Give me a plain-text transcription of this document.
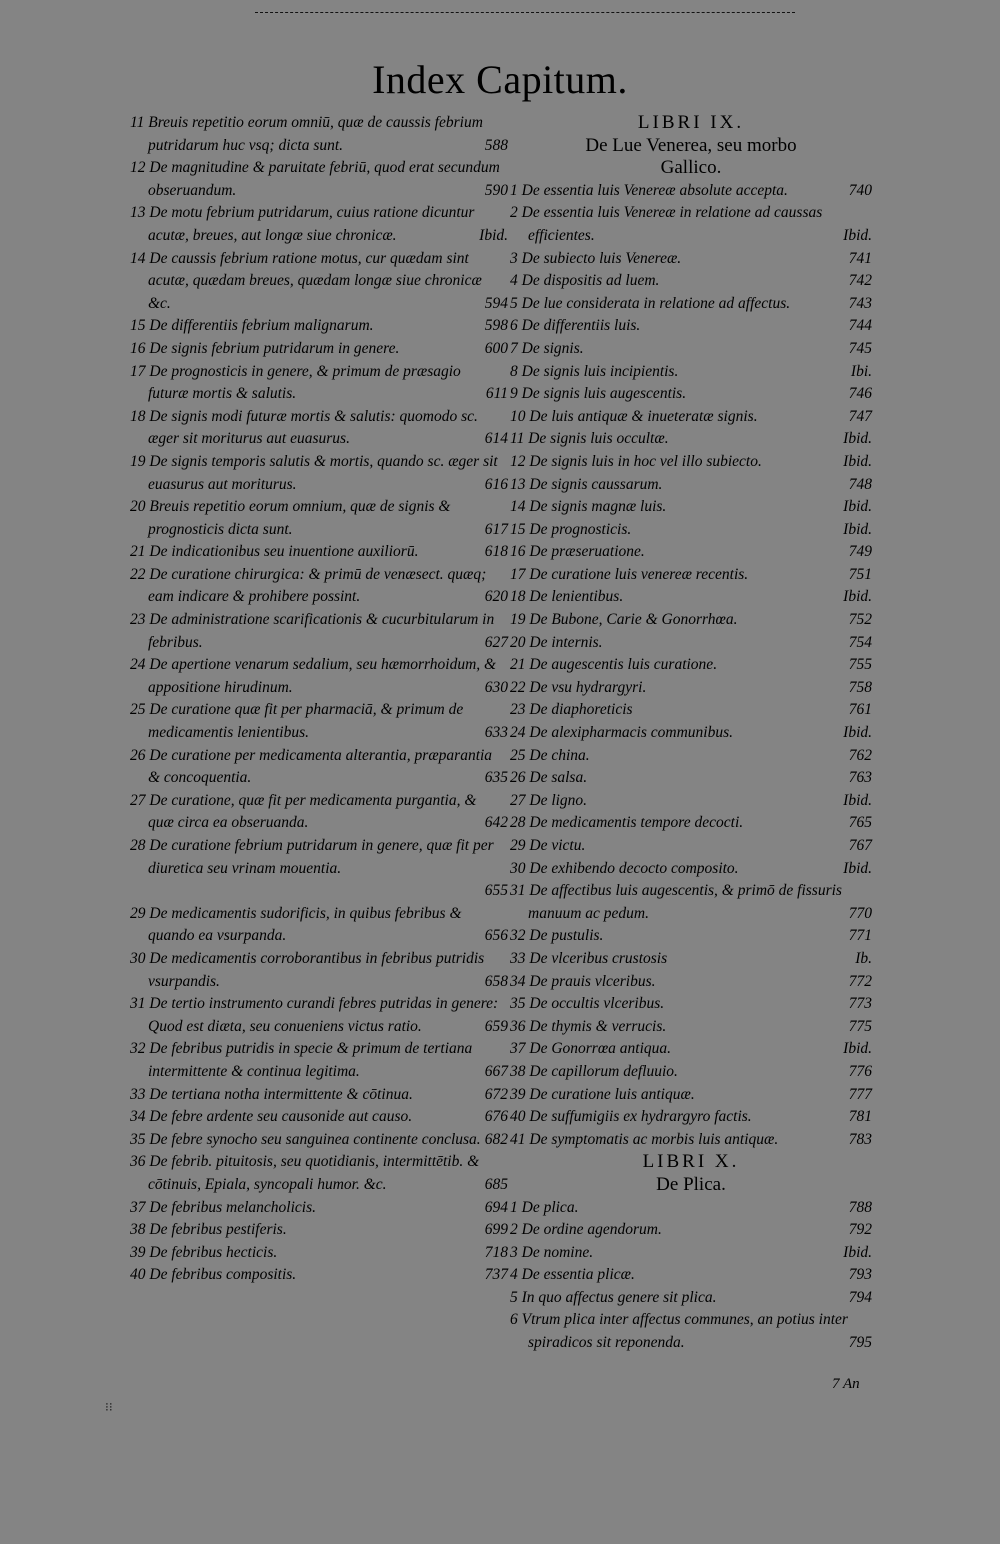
Index Capitum.
11 Breuis repetitio eorum omniū, quæ de caussis febrium putridarum huc vsq; dicta sunt.	588
12 De magnitudine & paruitate febriū, quod erat secundum obseruandum.	590
13 De motu febrium putridarum, cuius ratione dicuntur acutæ, breues, aut longæ siue chronicæ.	Ibid.
14 De caussis febrium ratione motus, cur quædam sint acutæ, quædam breues, quædam longæ siue chronicæ &c.	594
15 De differentiis febrium malignarum.	598
16 De signis febrium putridarum in genere.	600
17 De prognosticis in genere, & primum de præsagio futuræ mortis & salutis.	611
18 De signis modi futuræ mortis & salutis: quomodo sc. æger sit moriturus aut euasurus.	614
19 De signis temporis salutis & mortis, quando sc. æger sit euasurus aut moriturus.	616
20 Breuis repetitio eorum omnium, quæ de signis & prognosticis dicta sunt.	617
21 De indicationibus seu inuentione auxiliorū.	618
22 De curatione chirurgica: & primū de venæsect. quæq; eam indicare & prohibere possint.	620
23 De administratione scarificationis & cucurbitularum in febribus.	627
24 De apertione venarum sedalium, seu hæmorrhoidum, & appositione hirudinum.	630
25 De curatione quæ fit per pharmaciā, & primum de medicamentis lenientibus.	633
26 De curatione per medicamenta alterantia, præparantia & concoquentia.	635
27 De curatione, quæ fit per medicamenta purgantia, & quæ circa ea obseruanda.	642
28 De curatione febrium putridarum in genere, quæ fit per diuretica seu vrinam mouentia.
655
29 De medicamentis sudorificis, in quibus febribus & quando ea vsurpanda.	656
30 De medicamentis corroborantibus in febribus putridis vsurpandis.	658
31 De tertio instrumento curandi febres putridas in genere: Quod est diæta, seu conueniens victus ratio.	659
32 De febribus putridis in specie & primum de tertiana intermittente & continua legitima.	667
33 De tertiana notha intermittente & cōtinua.	672
34 De febre ardente seu causonide aut causo.	676
35 De febre synocho seu sanguinea continente conclusa. 682
36 De febrib. pituitosis, seu quotidianis, intermittētib. & cōtinuis, Epiala, syncopali humor. &c.	685
37 De febribus melancholicis.	694
38 De febribus pestiferis.	699
39 De febribus hecticis.	718
40 De febribus compositis.	737
LIBRI IX.
De Lue Venerea, seu morbo
Gallico.
1 De essentia luis Venereæ absolute accepta.	740
2 De essentia luis Venereæ in relatione ad caussas efficientes.	Ibid.
3 De subiecto luis Venereæ.	741
4 De dispositis ad luem.	742
5 De lue considerata in relatione ad affectus.	743
6 De differentiis luis.	744
7 De signis.	745
8 De signis luis incipientis.	Ibi.
9 De signis luis augescentis.	746
10 De luis antiquæ & inueteratæ signis.	747
11 De signis luis occultæ.	Ibid.
12 De signis luis in hoc vel illo subiecto.	Ibid.
13 De signis caussarum.	748
14 De signis magnæ luis.	Ibid.
15 De prognosticis.	Ibid.
16 De præseruatione.	749
17 De curatione luis venereæ recentis.	751
18 De lenientibus.	Ibid.
19 De Bubone, Carie & Gonorrhœa.	752
20 De internis.	754
21 De augescentis luis curatione.	755
22 De vsu hydrargyri.	758
23 De diaphoreticis	761
24 De alexipharmacis communibus.	Ibid.
25 De china.	762
26 De salsa.	763
27 De ligno.	Ibid.
28 De medicamentis tempore decocti.	765
29 De victu.	767
30 De exhibendo decocto composito.	Ibid.
31 De affectibus luis augescentis, & primō de fissuris manuum ac pedum.	770
32 De pustulis.	771
33 De vlceribus crustosis	Ib.
34 De prauis vlceribus.	772
35 De occultis vlceribus.	773
36 De thymis & verrucis.	775
37 De Gonorrœa antiqua.	Ibid.
38 De capillorum defluuio.	776
39 De curatione luis antiquæ.	777
40 De suffumigiis ex hydrargyro factis.	781
41 De symptomatis ac morbis luis antiquæ.	783
LIBRI X.
De Plica.
1 De plica.	788
2 De ordine agendorum.	792
3 De nomine.	Ibid.
4 De essentia plicæ.	793
5 In quo affectus genere sit plica.	794
6 Vtrum plica inter affectus communes, an potius inter spiradicos sit reponenda.	795
7 An
⁝⁝
